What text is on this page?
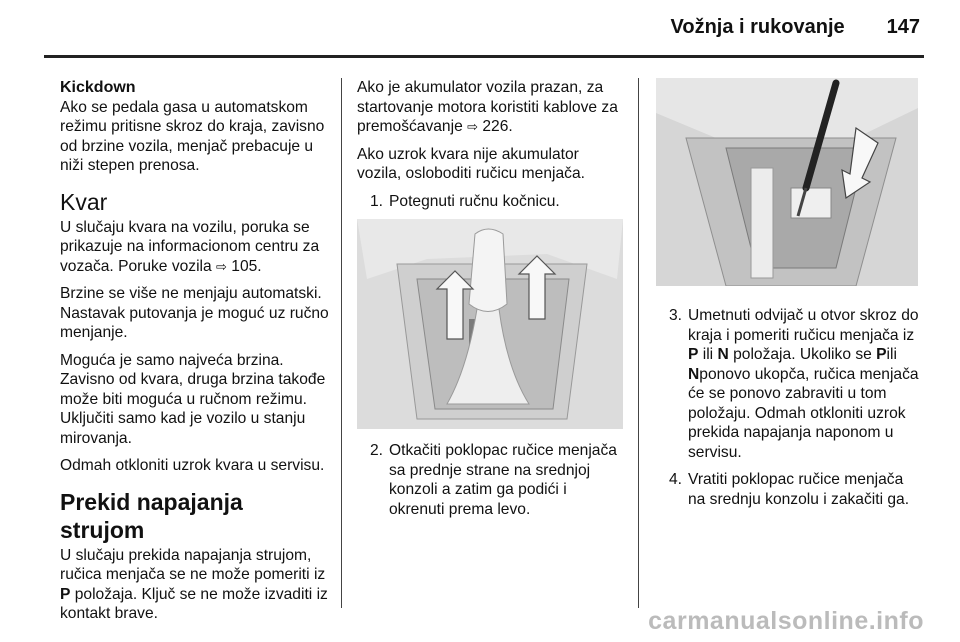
Vožnja i rukovanje 147
Kickdown

Ako se pedala gasa u automatskom režimu pritisne skroz do kraja, zavisno od brzine vozila, menjač prebacuje u niži stepen prenosa.

Kvar

U slučaju kvara na vozilu, poruka se prikazuje na informacionom centru za vozača. Poruke vozila ⇨ 105.

Brzine se više ne menjaju automatski. Nastavak putovanja je moguć uz ručno menjanje.

Moguća je samo najveća brzina. Zavisno od kvara, druga brzina takođe može biti moguća u ručnom režimu. Uključiti samo kad je vozilo u stanju mirovanja.

Odmah otkloniti uzrok kvara u servisu.

Prekid napajanja strujom

U slučaju prekida napajanja strujom, ručica menjača se ne može pomeriti iz P položaja. Ključ se ne može izvaditi iz kontakt brave.

Ako je akumulator vozila prazan, za startovanje motora koristiti kablove za premošćavanje ⇨ 226.

Ako uzrok kvara nije akumulator vozila, osloboditi ručicu menjača.

1. Potegnuti ručnu kočnicu.
2. Otkačiti poklopac ručice menjača sa prednje strane na srednjoj konzoli a zatim ga podići i okrenuti prema levo.
3. Umetnuti odvijač u otvor skroz do kraja i pomeriti ručicu menjača iz P ili N položaja. Ukoliko se Pili Nponovo ukopča, ručica menjača će se ponovo zabraviti u tom položaju. Odmah otkloniti uzrok prekida napajanja naponom u servisu.
4. Vratiti poklopac ručice menjača na srednju konzolu i zakačiti ga.
carmanualsonline.info
